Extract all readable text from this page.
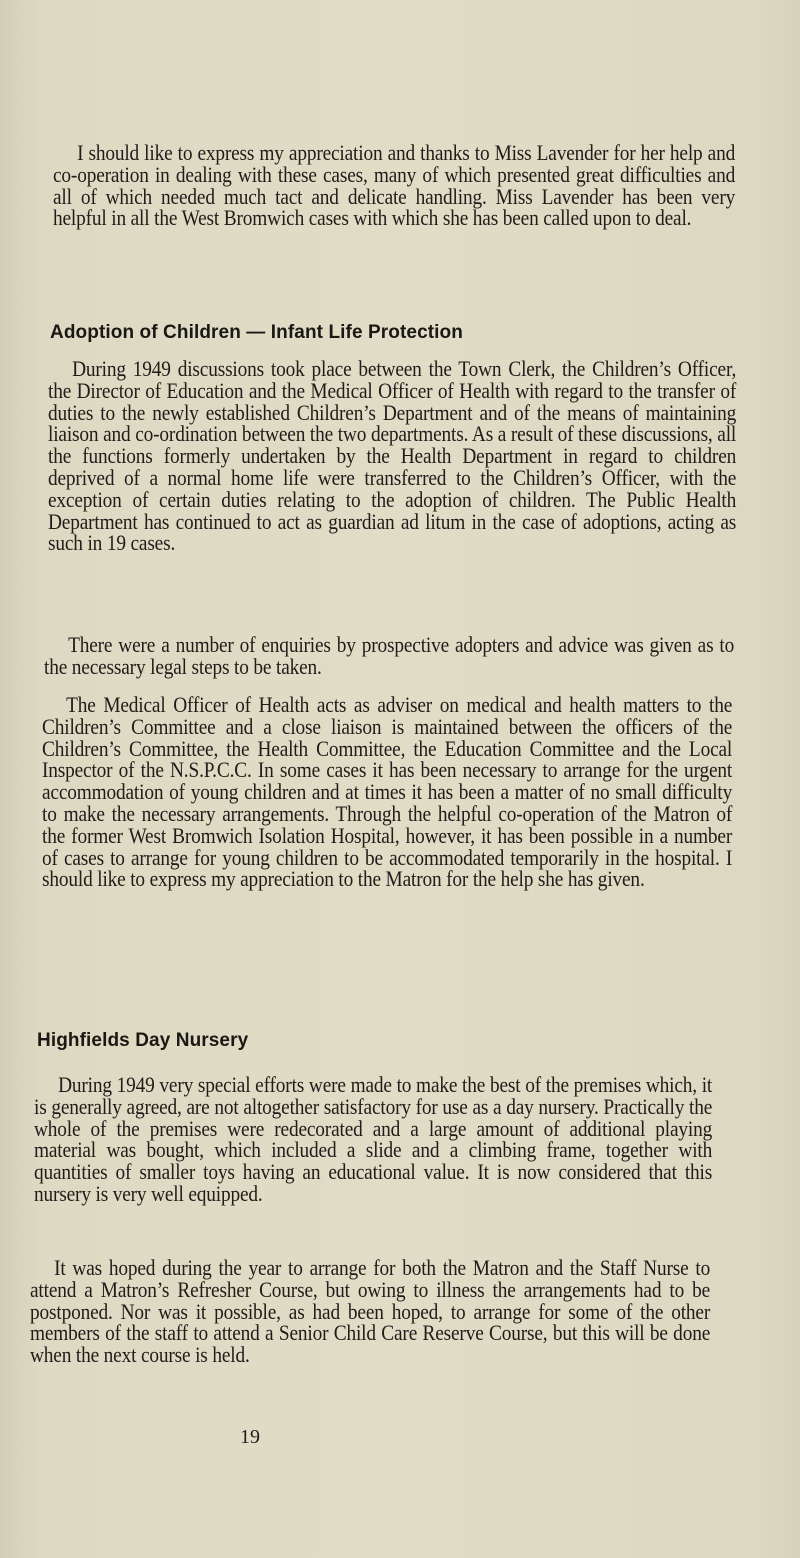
I should like to express my appreciation and thanks to Miss Lavender for her help and co-operation in dealing with these cases, many of which presented great difficulties and all of which needed much tact and delicate handling. Miss Lavender has been very helpful in all the West Bromwich cases with which she has been called upon to deal.

Adoption of Children — Infant Life Protection

During 1949 discussions took place between the Town Clerk, the Children’s Officer, the Director of Education and the Medical Officer of Health with regard to the transfer of duties to the newly established Children’s Department and of the means of maintaining liaison and co-ordination between the two departments. As a result of these discussions, all the functions formerly undertaken by the Health Department in regard to children deprived of a normal home life were transferred to the Children’s Officer, with the exception of certain duties relating to the adoption of children. The Public Health Department has continued to act as guardian ad litum in the case of adoptions, acting as such in 19 cases.

There were a number of enquiries by prospective adopters and advice was given as to the necessary legal steps to be taken.

The Medical Officer of Health acts as adviser on medical and health matters to the Children’s Committee and a close liaison is maintained between the officers of the Children’s Committee, the Health Committee, the Education Committee and the Local Inspector of the N.S.P.C.C. In some cases it has been necessary to arrange for the urgent accommodation of young children and at times it has been a matter of no small difficulty to make the necessary arrangements. Through the helpful co-operation of the Matron of the former West Bromwich Isolation Hospital, however, it has been possible in a number of cases to arrange for young children to be accommodated temporarily in the hospital. I should like to express my appreciation to the Matron for the help she has given.

Highfields Day Nursery

During 1949 very special efforts were made to make the best of the premises which, it is generally agreed, are not altogether satisfactory for use as a day nursery. Practically the whole of the premises were redecorated and a large amount of additional playing material was bought, which included a slide and a climbing frame, together with quantities of smaller toys having an educational value. It is now considered that this nursery is very well equipped.

It was hoped during the year to arrange for both the Matron and the Staff Nurse to attend a Matron’s Refresher Course, but owing to illness the arrangements had to be postponed. Nor was it possible, as had been hoped, to arrange for some of the other members of the staff to attend a Senior Child Care Reserve Course, but this will be done when the next course is held.

19
